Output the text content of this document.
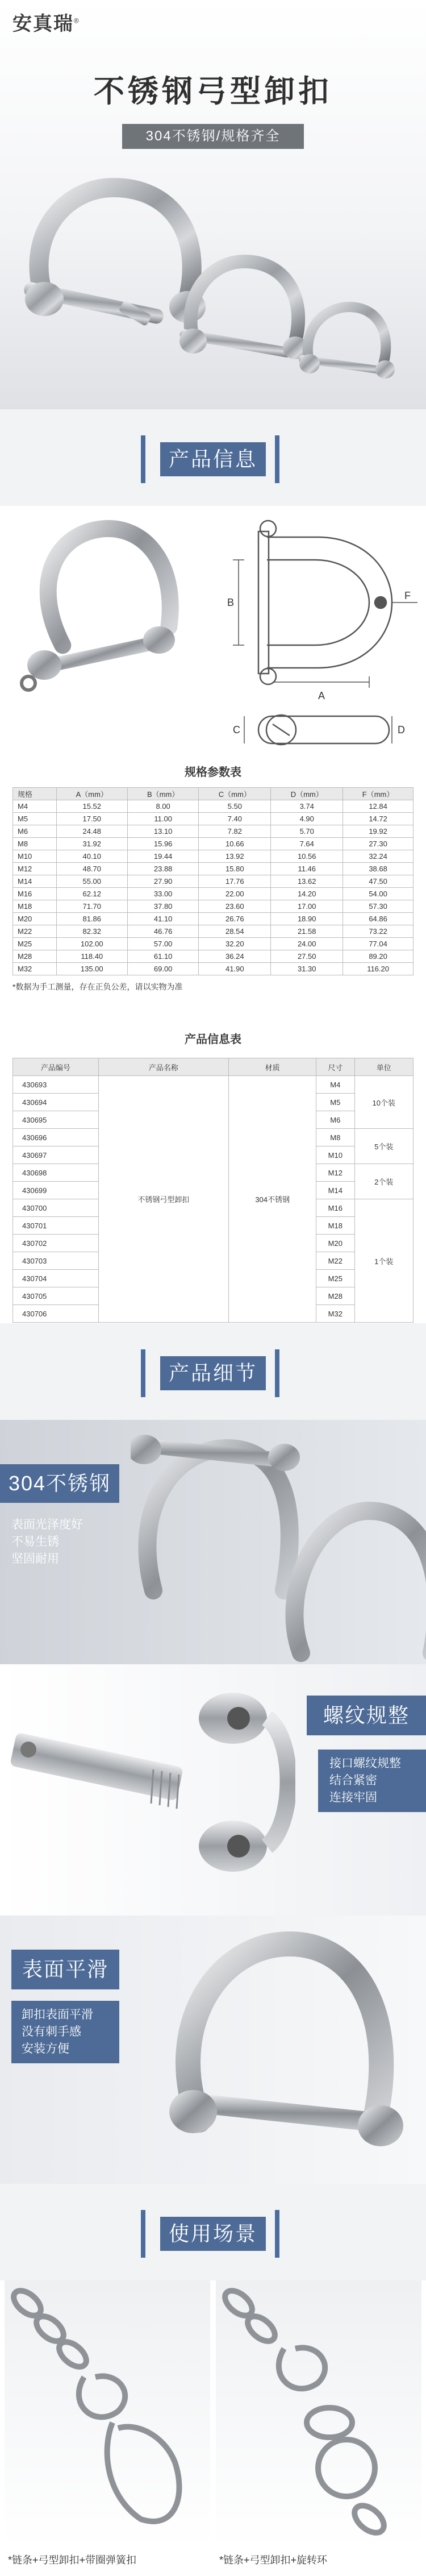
安真瑞®
不锈钢弓型卸扣
304不锈钢/规格齐全
产品信息
B
A
F
C	D
规格参数表
规格	A（mm）	B（mm）	C（mm）	D（mm）	F（mm）
M4	15.52	8.00	5.50	3.74	12.84
M5	17.50	11.00	7.40	4.90	14.72
M6	24.48	13.10	7.82	5.70	19.92
M8	31.92	15.96	10.66	7.64	27.30
M10	40.10	19.44	13.92	10.56	32.24
M12	48.70	23.88	15.80	11.46	38.68
M14	55.00	27.90	17.76	13.62	47.50
M16	62.12	33.00	22.00	14.20	54.00
M18	71.70	37.80	23.60	17.00	57.30
M20	81.86	41.10	26.76	18.90	64.86
M22	82.32	46.76	28.54	21.58	73.22
M25	102.00	57.00	32.20	24.00	77.04
M28	118.40	61.10	36.24	27.50	89.20
M32	135.00	69.00	41.90	31.30	116.20
*数据为手工测量，存在正负公差，请以实物为准
产品信息表
产品编号	产品名称	材质	尺寸	单位
430693	不锈钢弓型卸扣	304不锈钢	M4	10个装
430694			M5	
430695			M6	
430696			M8	5个装
430697			M10	
430698			M12	2个装
430699			M14	
430700			M16	1个装
430701			M18	
430702			M20	
430703			M22	
430704			M25	
430705			M28	
430706			M32	
产品细节
304不锈钢
表面光泽度好
不易生锈
坚固耐用
螺纹规整
接口螺纹规整
结合紧密
连接牢固
表面平滑
卸扣表面平滑
没有刺手感
安装方便
使用场景
*链条+弓型卸扣+带圈弹簧扣	*链条+弓型卸扣+旋转环
